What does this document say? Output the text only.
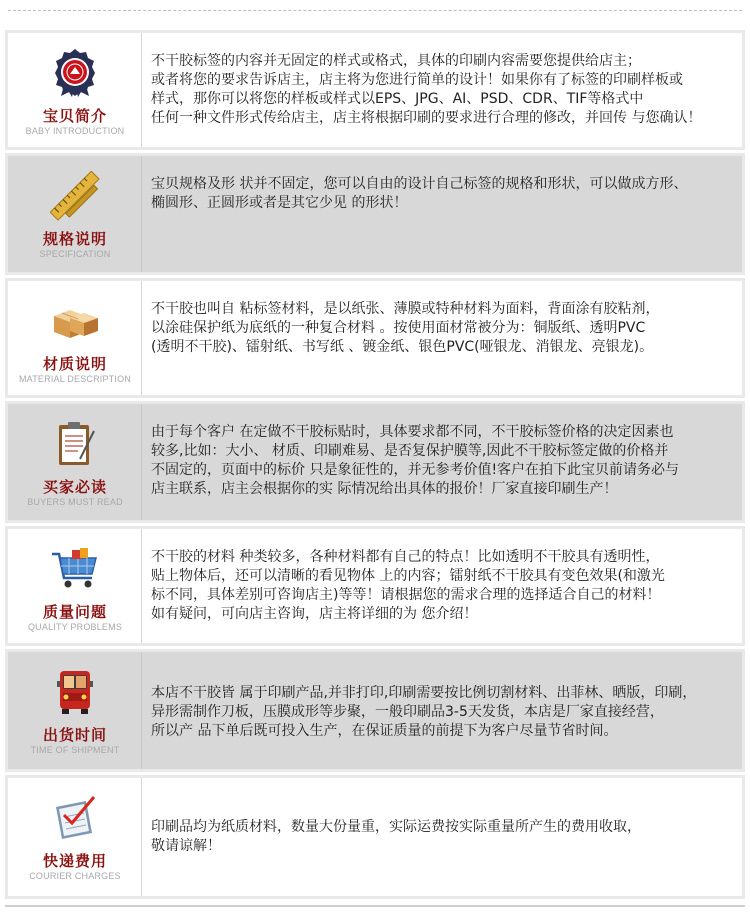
宝贝简介
BABY INTRODUCTION
不干胶标签的内容并无固定的样式或格式，具体的印刷内容需要您提供给店主；
或者将您的要求告诉店主，店主将为您进行简单的设计！如果你有了标签的印刷样板或
样式，那你可以将您的样板或样式以EPS、JPG、AI、PSD、CDR、TIF等格式中
任何一种文件形式传给店主，店主将根据印刷的要求进行合理的修改，并回传 与您确认！
规格说明
SPECIFICATION
宝贝规格及形 状并不固定，您可以自由的设计自己标签的规格和形状，可以做成方形、
椭圆形、正圆形或者是其它少见 的形状！
材质说明
MATERIAL DESCRIPTION
不干胶也叫自 粘标签材料，是以纸张、薄膜或特种材料为面料，背面涂有胶粘剂，
以涂硅保护纸为底纸的一种复合材料 。按使用面材常被分为：铜版纸、透明PVC
(透明不干胶)、镭射纸、书写纸 、镀金纸、银色PVC(哑银龙、消银龙、亮银龙)。
买家必读
BUYERS MUST READ
由于每个客户 在定做不干胶标贴时，具体要求都不同，不干胶标签价格的决定因素也
较多,比如：大小、 材质、印刷难易、是否复保护膜等,因此不干胶标签定做的价格并
不固定的，页面中的标价 只是象征性的，并无参考价值!客户在拍下此宝贝前请务必与
店主联系，店主会根据你的实 际情况给出具体的报价！厂家直接印刷生产！
质量问题
QUALITY PROBLEMS
不干胶的材料 种类较多，各种材料都有自己的特点！比如透明不干胶具有透明性，
贴上物体后，还可以清晰的看见物体 上的内容；镭射纸不干胶具有变色效果(和激光
标不同，具体差别可咨询店主)等等！请根据您的需求合理的选择适合自己的材料！
如有疑问，可向店主咨询，店主将详细的为 您介绍！
出货时间
TIME OF SHIPMENT
本店不干胶皆 属于印刷产品,并非打印,印刷需要按比例切割材料、出菲林、晒版，印刷，
异形需制作刀板，压膜成形等步聚，一般印刷品3-5天发货，本店是厂家直接经营，
所以产 品下单后既可投入生产，在保证质量的前提下为客户尽量节省时间。
快递费用
COURIER CHARGES
印刷品均为纸质材料，数量大份量重，实际运费按实际重量所产生的费用收取，
敬请谅解！
